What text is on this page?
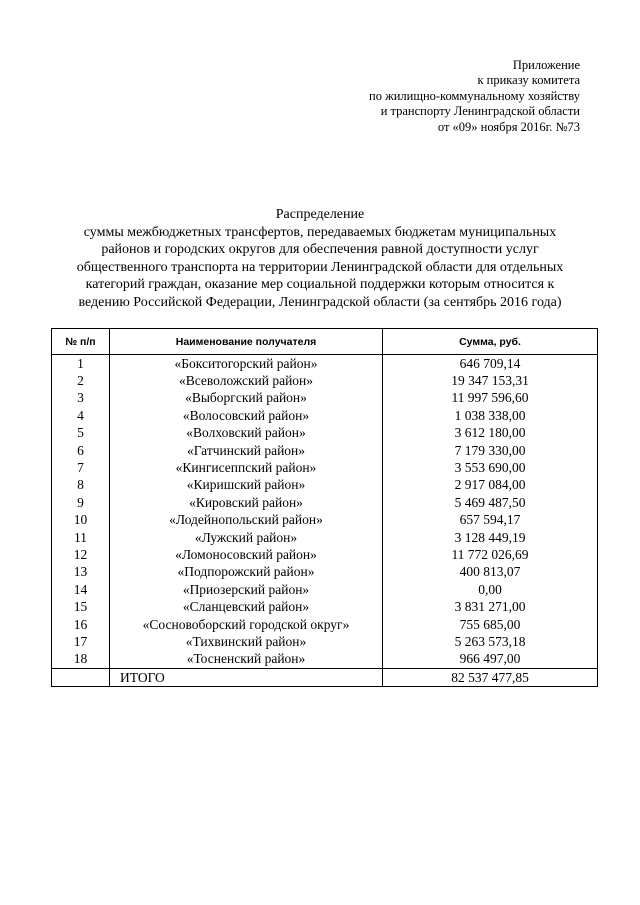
Приложение
к приказу комитета
по жилищно-коммунальному хозяйству
и транспорту Ленинградской области
от «09» ноября 2016г. №73
Распределение
суммы межбюджетных трансфертов, передаваемых бюджетам муниципальных
районов и городских округов для обеспечения равной доступности услуг
общественного транспорта на территории Ленинградской области для отдельных
категорий граждан, оказание мер социальной поддержки которым относится к
ведению Российской Федерации, Ленинградской области (за сентябрь 2016 года)
№ п/п	Наименование получателя	Сумма, руб.
1	«Бокситогорский район»	646 709,14
2	«Всеволожский район»	19 347 153,31
3	«Выборгский район»	11 997 596,60
4	«Волосовский район»	1 038 338,00
5	«Волховский район»	3 612 180,00
6	«Гатчинский район»	7 179 330,00
7	«Кингисеппский район»	3 553 690,00
8	«Киришский район»	2 917 084,00
9	«Кировский район»	5 469 487,50
10	«Лодейнопольский район»	657 594,17
11	«Лужский район»	3 128 449,19
12	«Ломоносовский район»	11 772 026,69
13	«Подпорожский район»	400 813,07
14	«Приозерский район»	0,00
15	«Сланцевский район»	3 831 271,00
16	«Сосновоборский городской округ»	755 685,00
17	«Тихвинский район»	5 263 573,18
18	«Тосненский район»	966 497,00
	ИТОГО	82 537 477,85
